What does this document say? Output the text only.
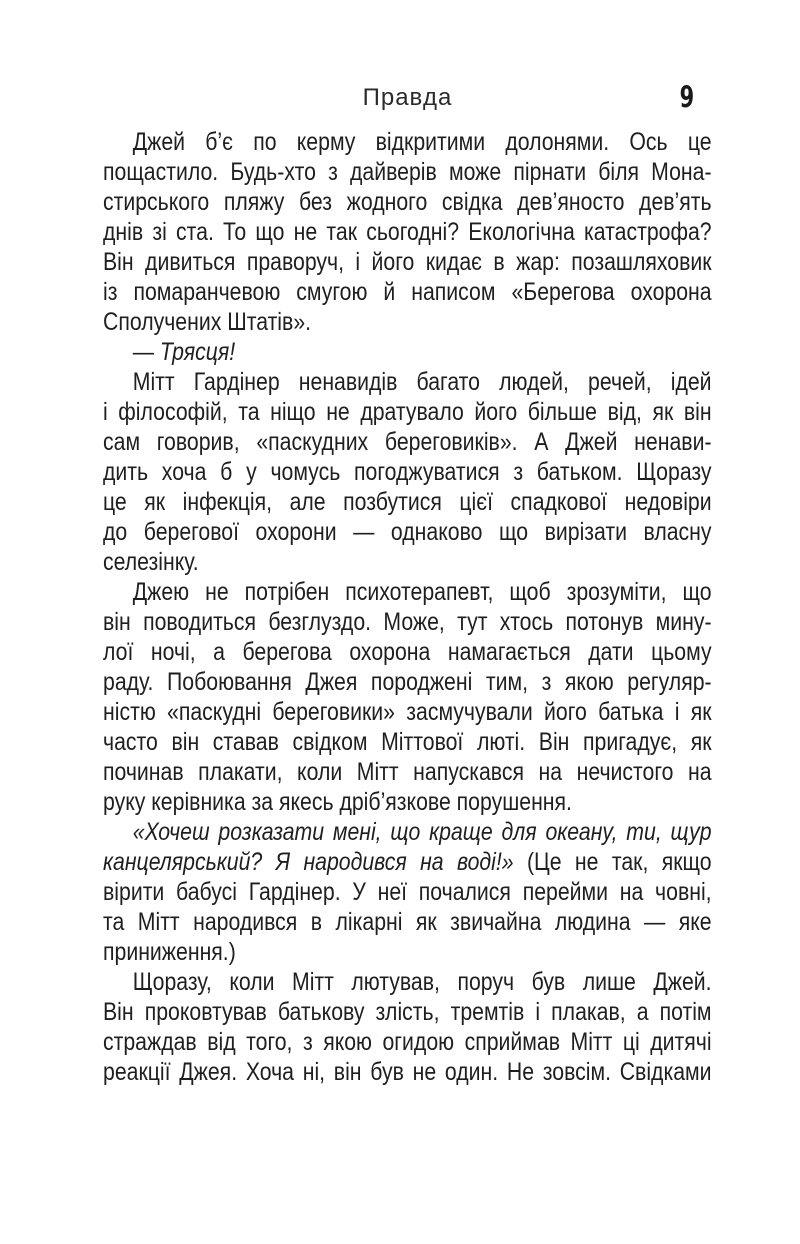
Правда	9
Джей б’є по керму відкритими долонями. Ось це
пощастило. Будь-хто з дайверів може пірнати біля Мона-
стирського пляжу без жодного свідка дев’яносто дев’ять
днів зі ста. То що не так сьогодні? Екологічна катастрофа?
Він дивиться праворуч, і його кидає в жар: позашляховик
із помаранчевою смугою й написом «Берегова охорона
Сполучених Штатів».
— Трясця!
Мітт Гардінер ненавидів багато людей, речей, ідей
і філософій, та ніщо не дратувало його більше від, як він
сам говорив, «паскудних береговиків». А Джей ненави-
дить хоча б у чомусь погоджуватися з батьком. Щоразу
це як інфекція, але позбутися цієї спадкової недовіри
до берегової охорони — однаково що вирізати власну
селезінку.
Джею не потрібен психотерапевт, щоб зрозуміти, що
він поводиться безглуздо. Може, тут хтось потонув мину-
лої ночі, а берегова охорона намагається дати цьому
раду. Побоювання Джея породжені тим, з якою регуляр-
ністю «паскудні береговики» засмучували його батька і як
часто він ставав свідком Міттової люті. Він пригадує, як
починав плакати, коли Мітт напускався на нечистого на
руку керівника за якесь дріб’язкове порушення.
«Хочеш розказати мені, що краще для океану, ти, щур
канцелярський? Я народився на воді!» (Це не так, якщо
вірити бабусі Гардінер. У неї почалися перейми на човні,
та Мітт народився в лікарні як звичайна людина — яке
приниження.)
Щоразу, коли Мітт лютував, поруч був лише Джей.
Він проковтував батькову злість, тремтів і плакав, а потім
страждав від того, з якою огидою сприймав Мітт ці дитячі
реакції Джея. Хоча ні, він був не один. Не зовсім. Свідками
